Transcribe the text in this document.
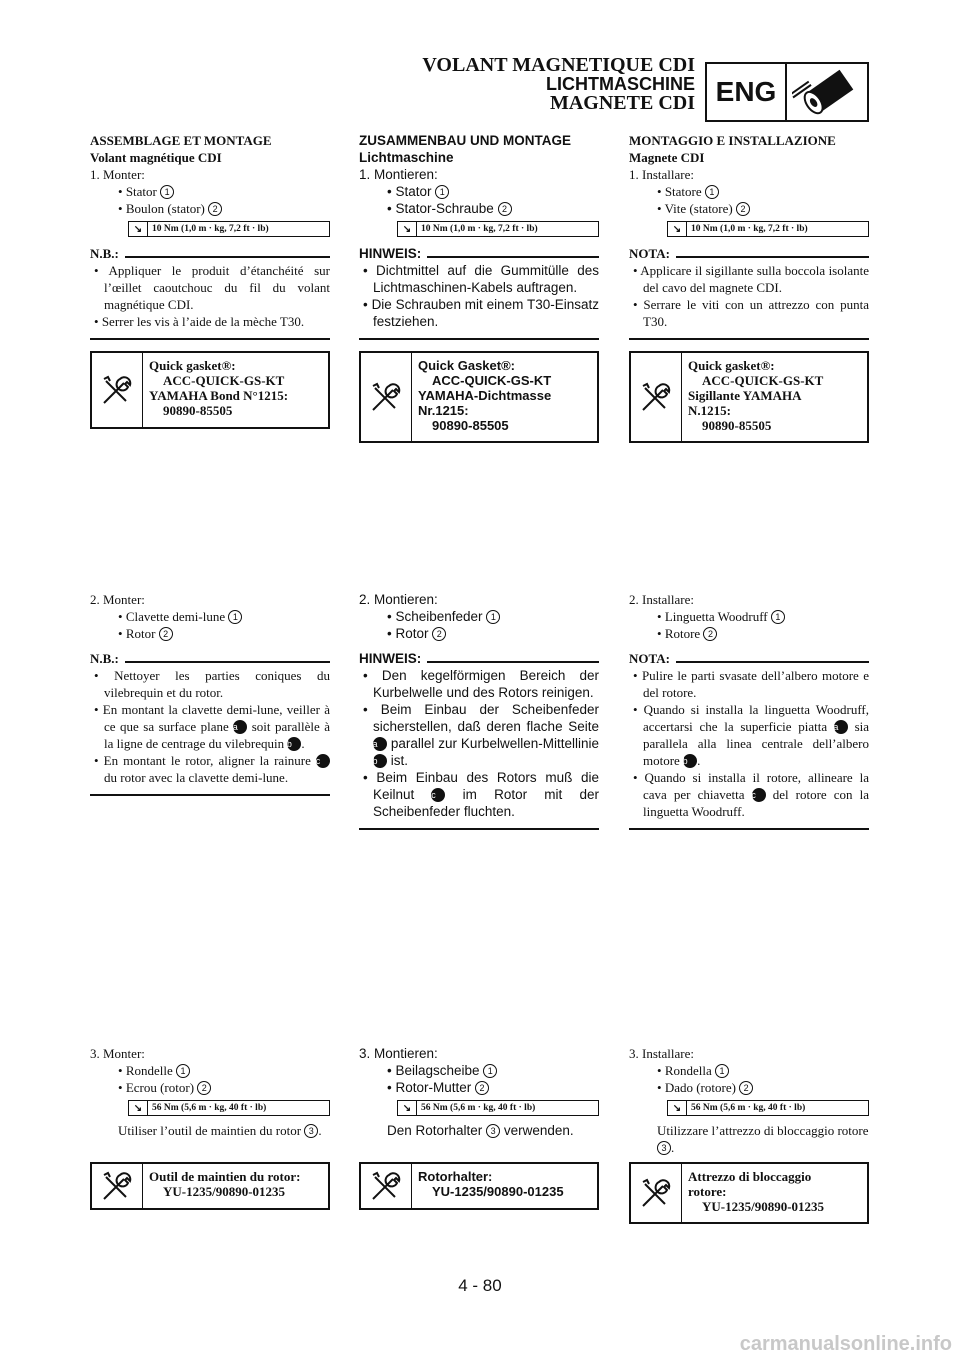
VOLANT MAGNETIQUE CDI
LICHTMASCHINE
MAGNETE CDI ENG
ASSEMBLAGE ET MONTAGE
Volant magnétique CDI
1. Monter:
• Stator 1
• Boulon (stator) 2
↘	10 Nm (1,0 m · kg, 7,2 ft · lb)
N.B.:
• Appliquer le produit d’étanchéité sur l’œillet caoutchouc du fil du volant magnétique CDI.
• Serrer les vis à l’aide de la mèche T30.
Quick gasket®:
ACC-QUICK-GS-KT
YAMAHA Bond N°1215:
90890-85505
2. Monter:
• Clavette demi-lune 1
• Rotor 2
N.B.:
• Nettoyer les parties coniques du vilebrequin et du rotor.
• En montant la clavette demi-lune, veiller à ce que sa surface plane a soit parallèle à la ligne de centrage du vilebrequin b .
• En montant le rotor, aligner la rainure c du rotor avec la clavette demi-lune.
3. Monter:
• Rondelle 1
• Ecrou (rotor) 2
↘	56 Nm (5,6 m · kg, 40 ft · lb)
Utiliser l’outil de maintien du rotor 3 .
Outil de maintien du rotor:
YU-1235/90890-01235
ZUSAMMENBAU UND MONTAGE
Lichtmaschine
1. Montieren:
• Stator 1
• Stator-Schraube 2
↘	10 Nm (1,0 m · kg, 7,2 ft · lb)
HINWEIS:
• Dichtmittel auf die Gummitülle des Lichtmaschinen-Kabels auftragen.
• Die Schrauben mit einem T30-Einsatz festziehen.
Quick Gasket®:
ACC-QUICK-GS-KT
YAMAHA-Dichtmasse
Nr.1215:
90890-85505
2. Montieren:
• Scheibenfeder 1
• Rotor 2
HINWEIS:
• Den kegelförmigen Bereich der Kurbelwelle und des Rotors reinigen.
• Beim Einbau der Scheibenfeder sicherstellen, daß deren flache Seite a parallel zur Kurbelwellen-Mittellinie b ist.
• Beim Einbau des Rotors muß die Keilnut c im Rotor mit der Scheibenfeder fluchten.
3. Montieren:
• Beilagscheibe 1
• Rotor-Mutter 2
↘	56 Nm (5,6 m · kg, 40 ft · lb)
Den Rotorhalter 3 verwenden.
Rotorhalter:
YU-1235/90890-01235
MONTAGGIO E INSTALLAZIONE
Magnete CDI
1. Installare:
• Statore 1
• Vite (statore) 2
↘	10 Nm (1,0 m · kg, 7,2 ft · lb)
NOTA:
• Applicare il sigillante sulla boccola isolante del cavo del magnete CDI.
• Serrare le viti con un attrezzo con punta T30.
Quick gasket®:
ACC-QUICK-GS-KT
Sigillante YAMAHA
N.1215:
90890-85505
2. Installare:
• Linguetta Woodruff 1
• Rotore 2
NOTA:
• Pulire le parti svasate dell’albero motore e del rotore.
• Quando si installa la linguetta Woodruff, accertarsi che la superficie piatta a sia parallela alla linea centrale dell’albero motore b .
• Quando si installa il rotore, allineare la cava per chiavetta c del rotore con la linguetta Woodruff.
3. Installare:
• Rondella 1
• Dado (rotore) 2
↘	56 Nm (5,6 m · kg, 40 ft · lb)
Utilizzare l’attrezzo di bloccaggio rotore 3 .
Attrezzo di bloccaggio
rotore:
YU-1235/90890-01235
4 - 80
carmanualsonline.info
